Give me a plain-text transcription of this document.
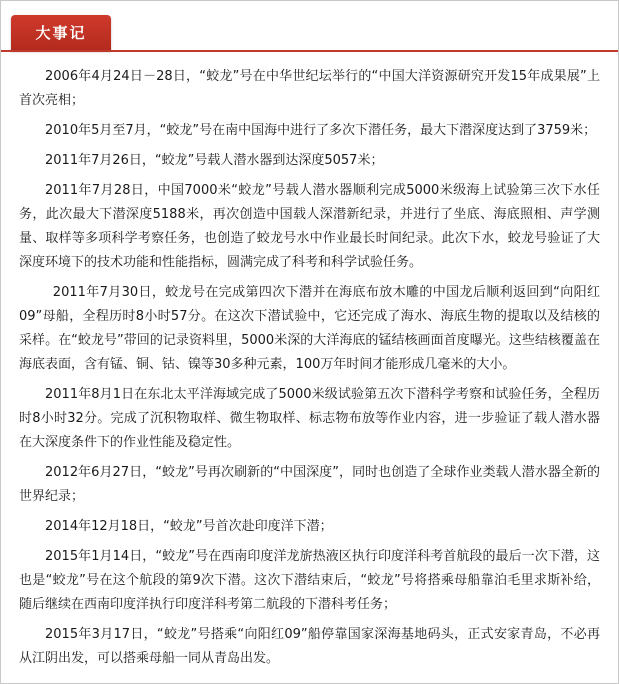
大事记

2006年4月24日－28日，“蛟龙”号在中华世纪坛举行的“中国大洋资源研究开发15年成果展”上首次亮相；

2010年5月至7月，“蛟龙”号在南中国海中进行了多次下潜任务，最大下潜深度达到了3759米；

2011年7月26日，“蛟龙”号载人潜水器到达深度5057米；

2011年7月28日，中国7000米“蛟龙”号载人潜水器顺利完成5000米级海上试验第三次下水任务，此次最大下潜深度5188米，再次创造中国载人深潜新纪录，并进行了坐底、海底照相、声学测量、取样等多项科学考察任务，也创造了蛟龙号水中作业最长时间纪录。此次下水，蛟龙号验证了大深度环境下的技术功能和性能指标，圆满完成了科考和科学试验任务。

2011年7月30日，蛟龙号在完成第四次下潜并在海底布放木雕的中国龙后顺利返回到“向阳红09”母船，全程历时8小时57分。在这次下潜试验中，它还完成了海水、海底生物的提取以及结核的采样。在“蛟龙号”带回的记录资料里，5000米深的大洋海底的锰结核画面首度曝光。这些结核覆盖在海底表面，含有锰、铜、钴、镍等30多种元素，100万年时间才能形成几毫米的大小。

2011年8月1日在东北太平洋海域完成了5000米级试验第五次下潜科学考察和试验任务，全程历时8小时32分。完成了沉积物取样、微生物取样、标志物布放等作业内容，进一步验证了载人潜水器在大深度条件下的作业性能及稳定性。

2012年6月27日，“蛟龙”号再次刷新的“中国深度”，同时也创造了全球作业类载人潜水器全新的世界纪录；

2014年12月18日，“蛟龙”号首次赴印度洋下潜；

2015年1月14日，“蛟龙”号在西南印度洋龙旂热液区执行印度洋科考首航段的最后一次下潜，这也是“蛟龙”号在这个航段的第9次下潜。这次下潜结束后，“蛟龙”号将搭乘母船靠泊毛里求斯补给，随后继续在西南印度洋执行印度洋科考第二航段的下潜科考任务；

2015年3月17日，“蛟龙”号搭乘“向阳红09”船停靠国家深海基地码头，正式安家青岛，不必再从江阴出发，可以搭乘母船一同从青岛出发。
